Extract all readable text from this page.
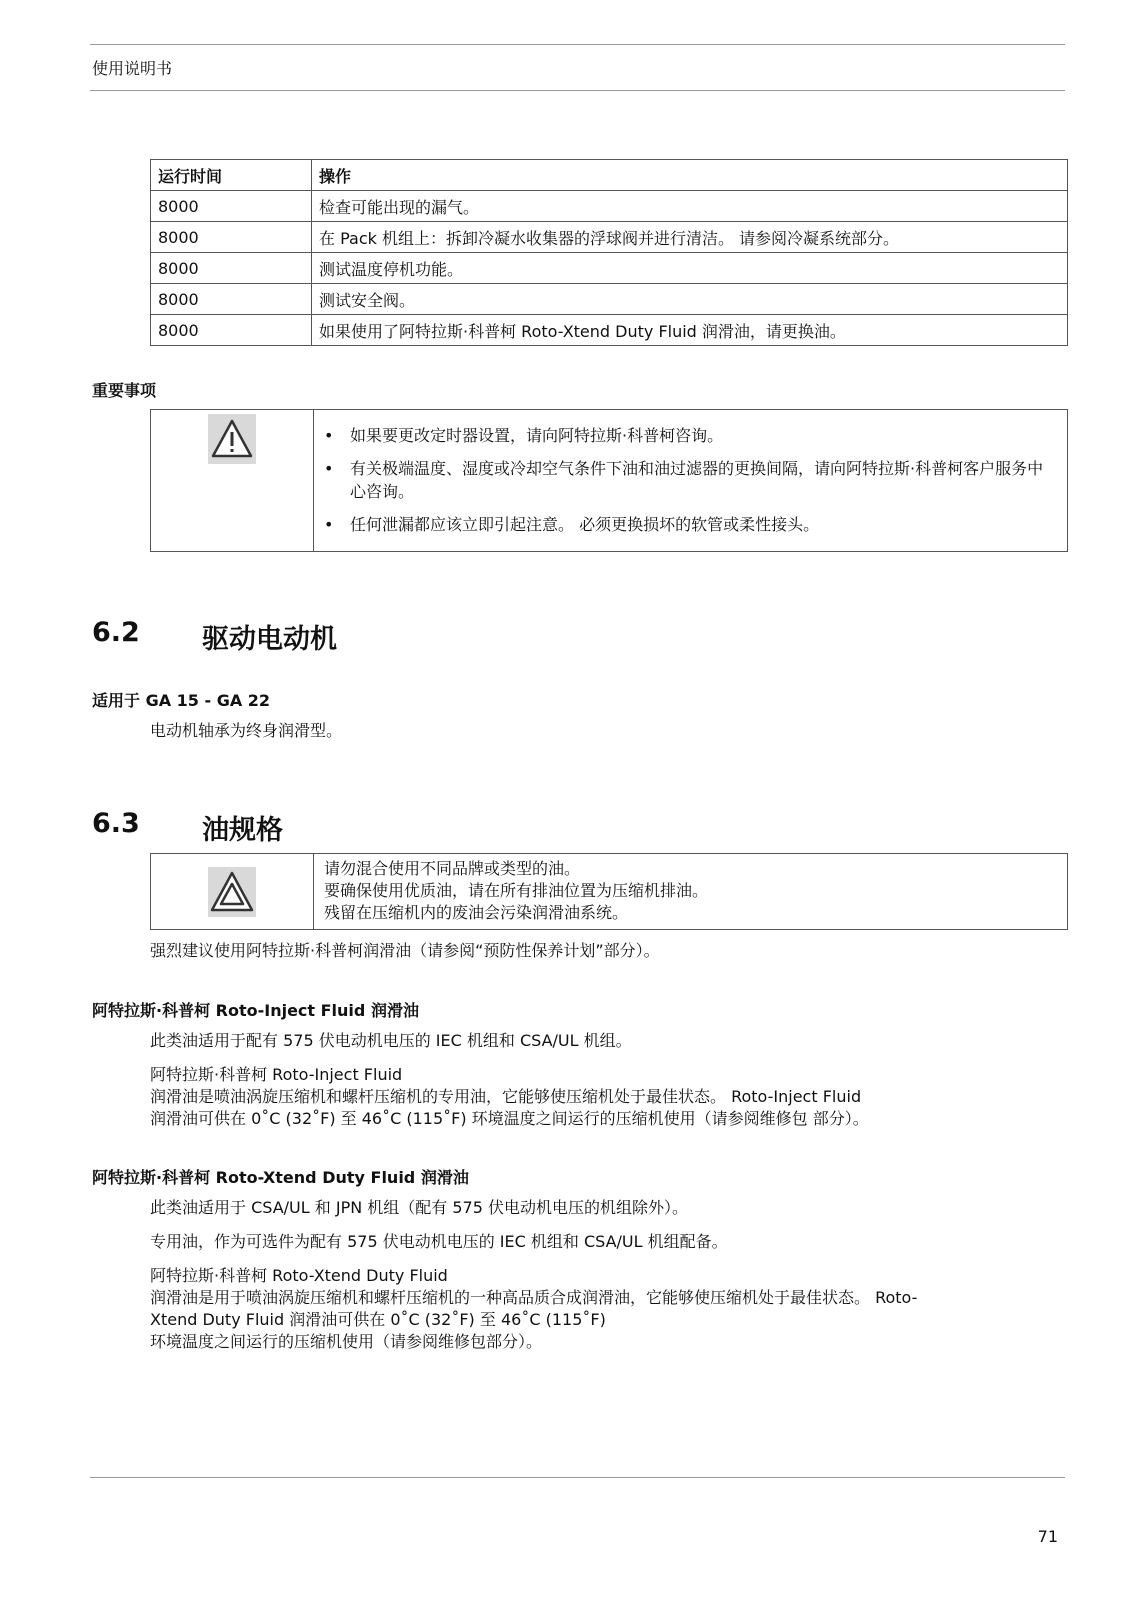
使用说明书
运行时间	操作
8000	检查可能出现的漏气。
8000	在 Pack 机组上：拆卸冷凝水收集器的浮球阀并进行清洁。 请参阅冷凝系统部分。
8000	测试温度停机功能。
8000	测试安全阀。
8000	如果使用了阿特拉斯·科普柯 Roto-Xtend Duty Fluid 润滑油，请更换油。
重要事项
• 如果要更改定时器设置，请向阿特拉斯·科普柯咨询。
• 有关极端温度、湿度或冷却空气条件下油和油过滤器的更换间隔，请向阿特拉斯·科普柯客户服务中心咨询。
• 任何泄漏都应该立即引起注意。 必须更换损坏的软管或柔性接头。
6.2 驱动电动机
适用于 GA 15 - GA 22
电动机轴承为终身润滑型。
6.3 油规格
请勿混合使用不同品牌或类型的油。
要确保使用优质油，请在所有排油位置为压缩机排油。
残留在压缩机内的废油会污染润滑油系统。
强烈建议使用阿特拉斯·科普柯润滑油（请参阅“预防性保养计划”部分）。
阿特拉斯·科普柯 Roto-Inject Fluid 润滑油
此类油适用于配有 575 伏电动机电压的 IEC 机组和 CSA/UL 机组。
阿特拉斯·科普柯 Roto-Inject Fluid
润滑油是喷油涡旋压缩机和螺杆压缩机的专用油，它能够使压缩机处于最佳状态。 Roto-Inject Fluid
润滑油可供在 0˚C (32˚F) 至 46˚C (115˚F) 环境温度之间运行的压缩机使用（请参阅维修包 部分）。
阿特拉斯·科普柯 Roto-Xtend Duty Fluid 润滑油
此类油适用于 CSA/UL 和 JPN 机组（配有 575 伏电动机电压的机组除外）。
专用油，作为可选件为配有 575 伏电动机电压的 IEC 机组和 CSA/UL 机组配备。
阿特拉斯·科普柯 Roto-Xtend Duty Fluid
润滑油是用于喷油涡旋压缩机和螺杆压缩机的一种高品质合成润滑油，它能够使压缩机处于最佳状态。 Roto-
Xtend Duty Fluid 润滑油可供在 0˚C (32˚F) 至 46˚C (115˚F)
环境温度之间运行的压缩机使用（请参阅维修包部分）。
71
